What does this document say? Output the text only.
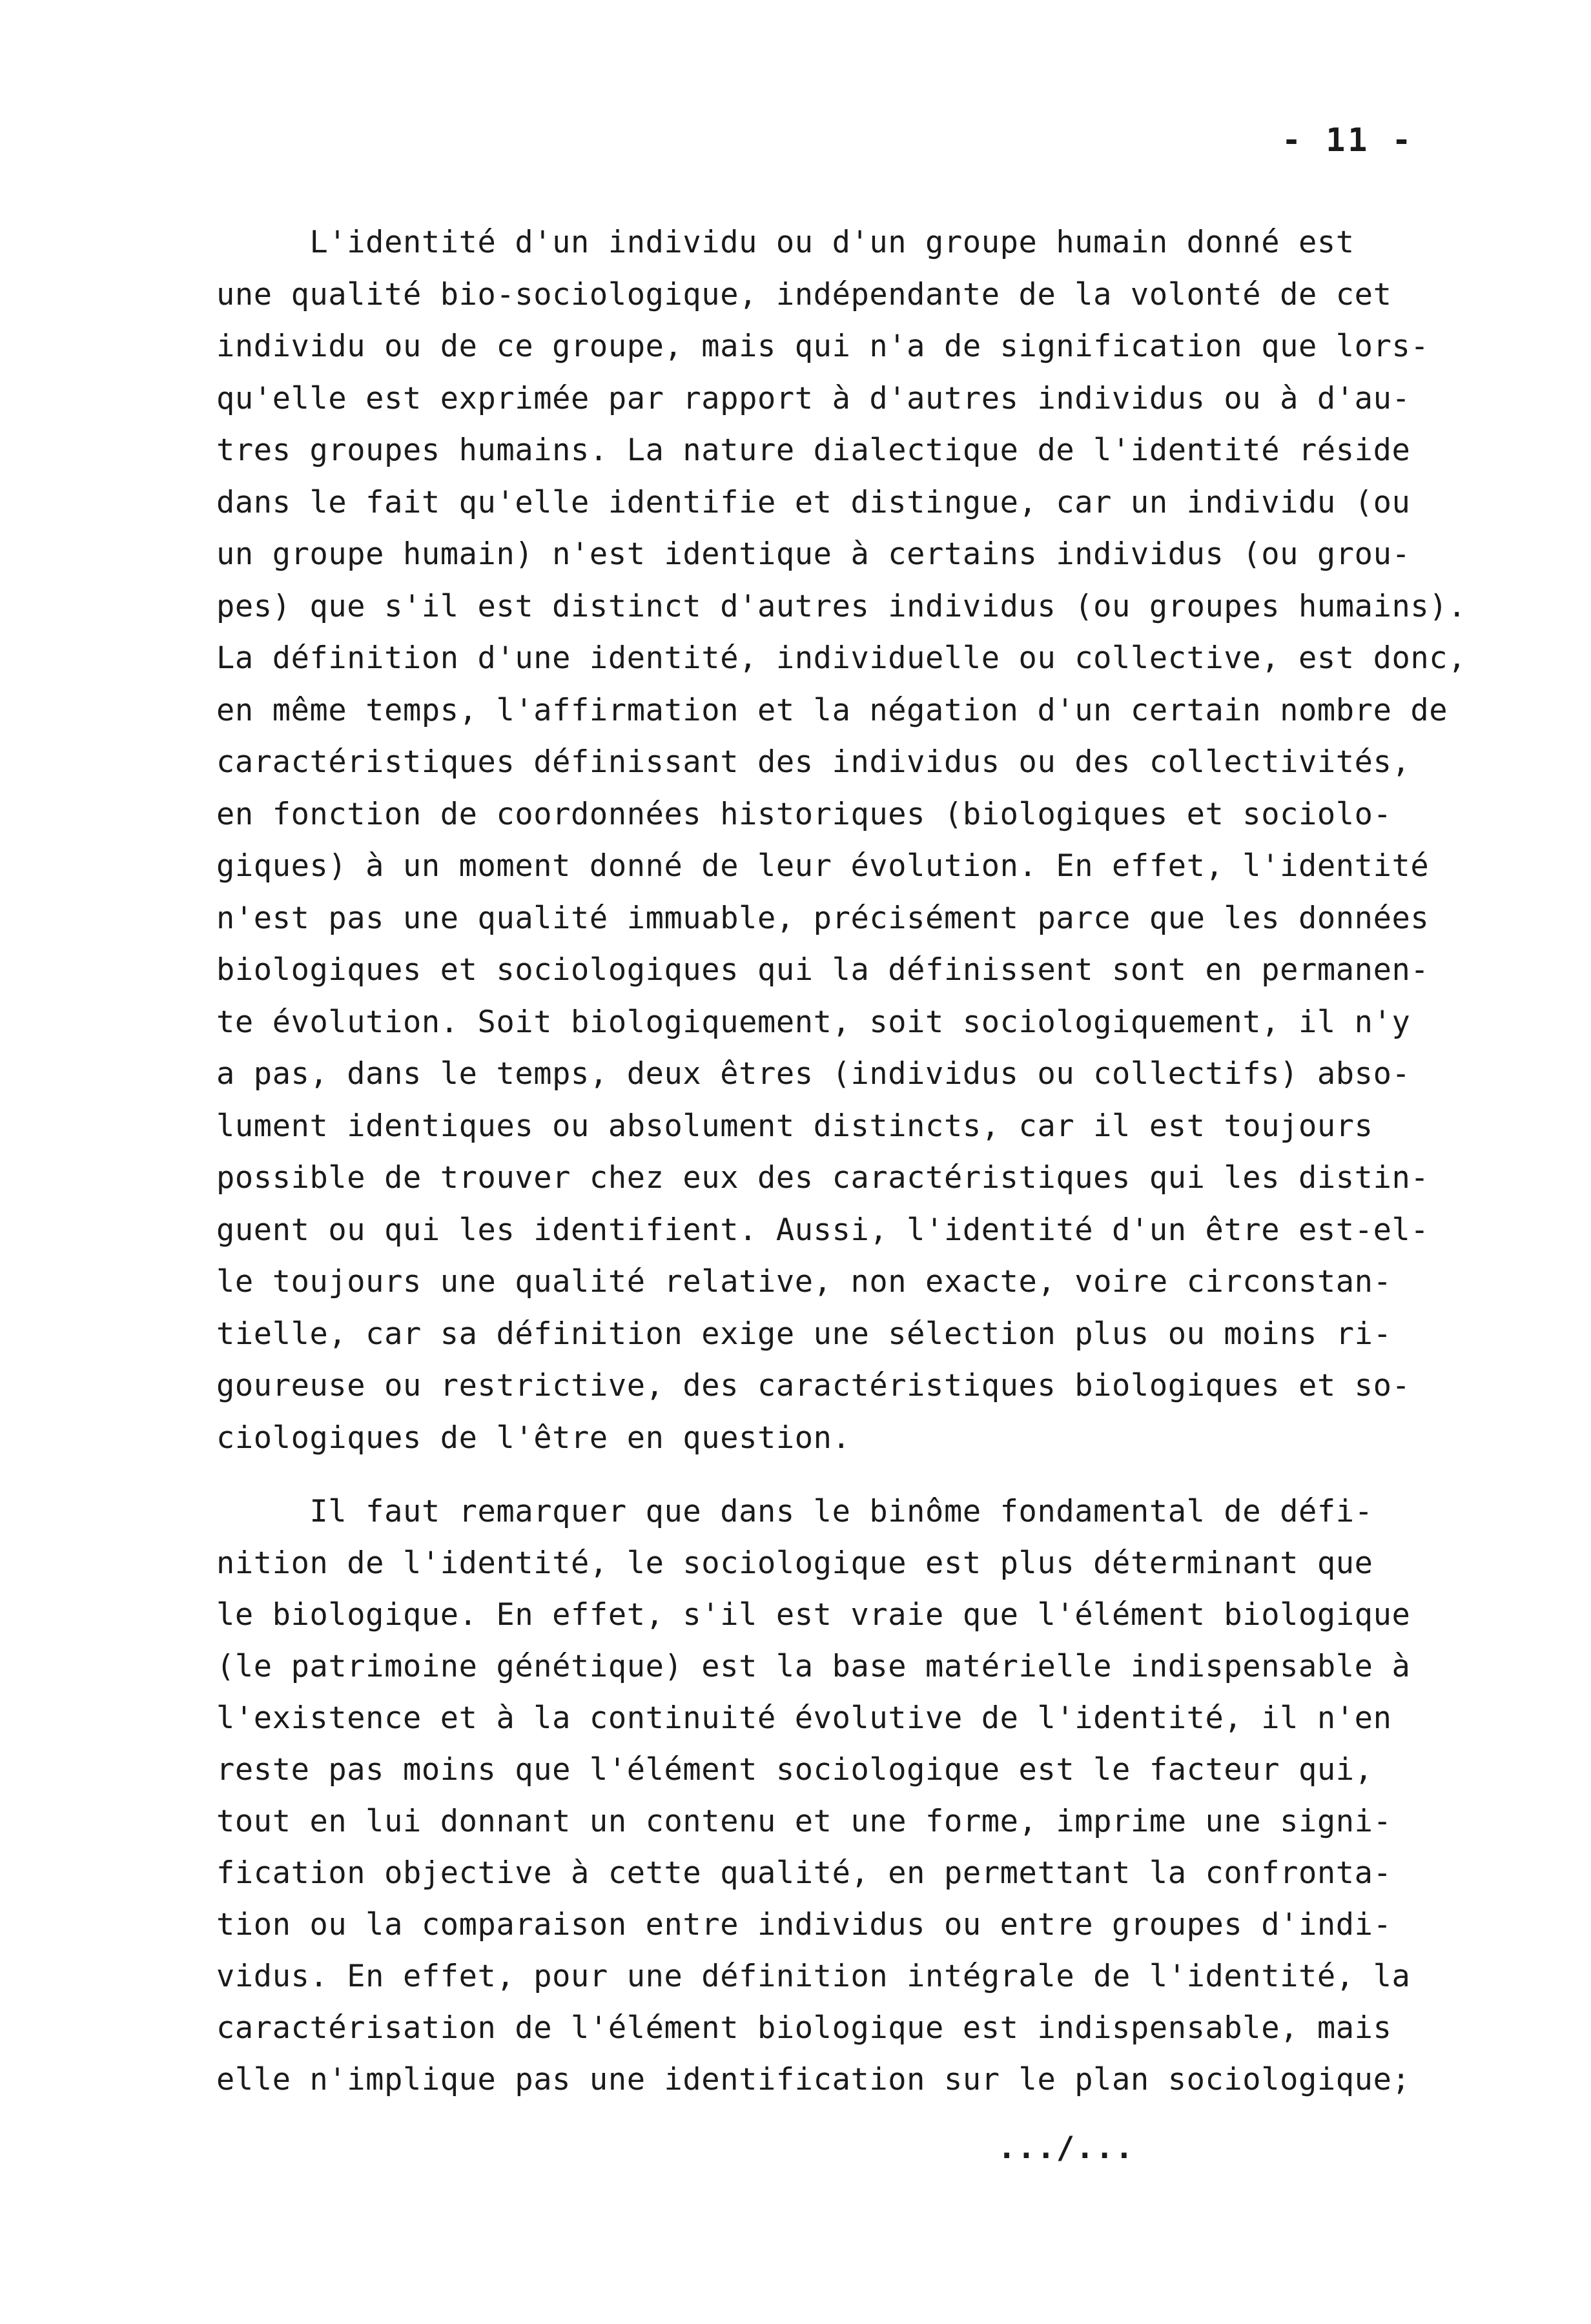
- 11 -
L'identité d'un individu ou d'un groupe humain donné est
une qualité bio-sociologique, indépendante de la volonté de cet
individu ou de ce groupe, mais qui n'a de signification que lors-
qu'elle est exprimée par rapport à d'autres individus ou à d'au-
tres groupes humains. La nature dialectique de l'identité réside
dans le fait qu'elle identifie et distingue, car un individu (ou
un groupe humain) n'est identique à certains individus (ou grou-
pes) que s'il est distinct d'autres individus (ou groupes humains).
La définition d'une identité, individuelle ou collective, est donc,
en même temps, l'affirmation et la négation d'un certain nombre de
caractéristiques définissant des individus ou des collectivités,
en fonction de coordonnées historiques (biologiques et sociolo-
giques) à un moment donné de leur évolution. En effet, l'identité
n'est pas une qualité immuable, précisément parce que les données
biologiques et sociologiques qui la définissent sont en permanen-
te évolution. Soit biologiquement, soit sociologiquement, il n'y
a pas, dans le temps, deux êtres (individus ou collectifs) abso-
lument identiques ou absolument distincts, car il est toujours
possible de trouver chez eux des caractéristiques qui les distin-
guent ou qui les identifient. Aussi, l'identité d'un être est-el-
le toujours une qualité relative, non exacte, voire circonstan-
tielle, car sa définition exige une sélection plus ou moins ri-
goureuse ou restrictive, des caractéristiques biologiques et so-
ciologiques de l'être en question.
Il faut remarquer que dans le binôme fondamental de défi-
nition de l'identité, le sociologique est plus déterminant que
le biologique. En effet, s'il est vraie que l'élément biologique
(le patrimoine génétique) est la base matérielle indispensable à
l'existence et à la continuité évolutive de l'identité, il n'en
reste pas moins que l'élément sociologique est le facteur qui,
tout en lui donnant un contenu et une forme, imprime une signi-
fication objective à cette qualité, en permettant la confronta-
tion ou la comparaison entre individus ou entre groupes d'indi-
vidus. En effet, pour une définition intégrale de l'identité, la
caractérisation de l'élément biologique est indispensable, mais
elle n'implique pas une identification sur le plan sociologique;
.../...
